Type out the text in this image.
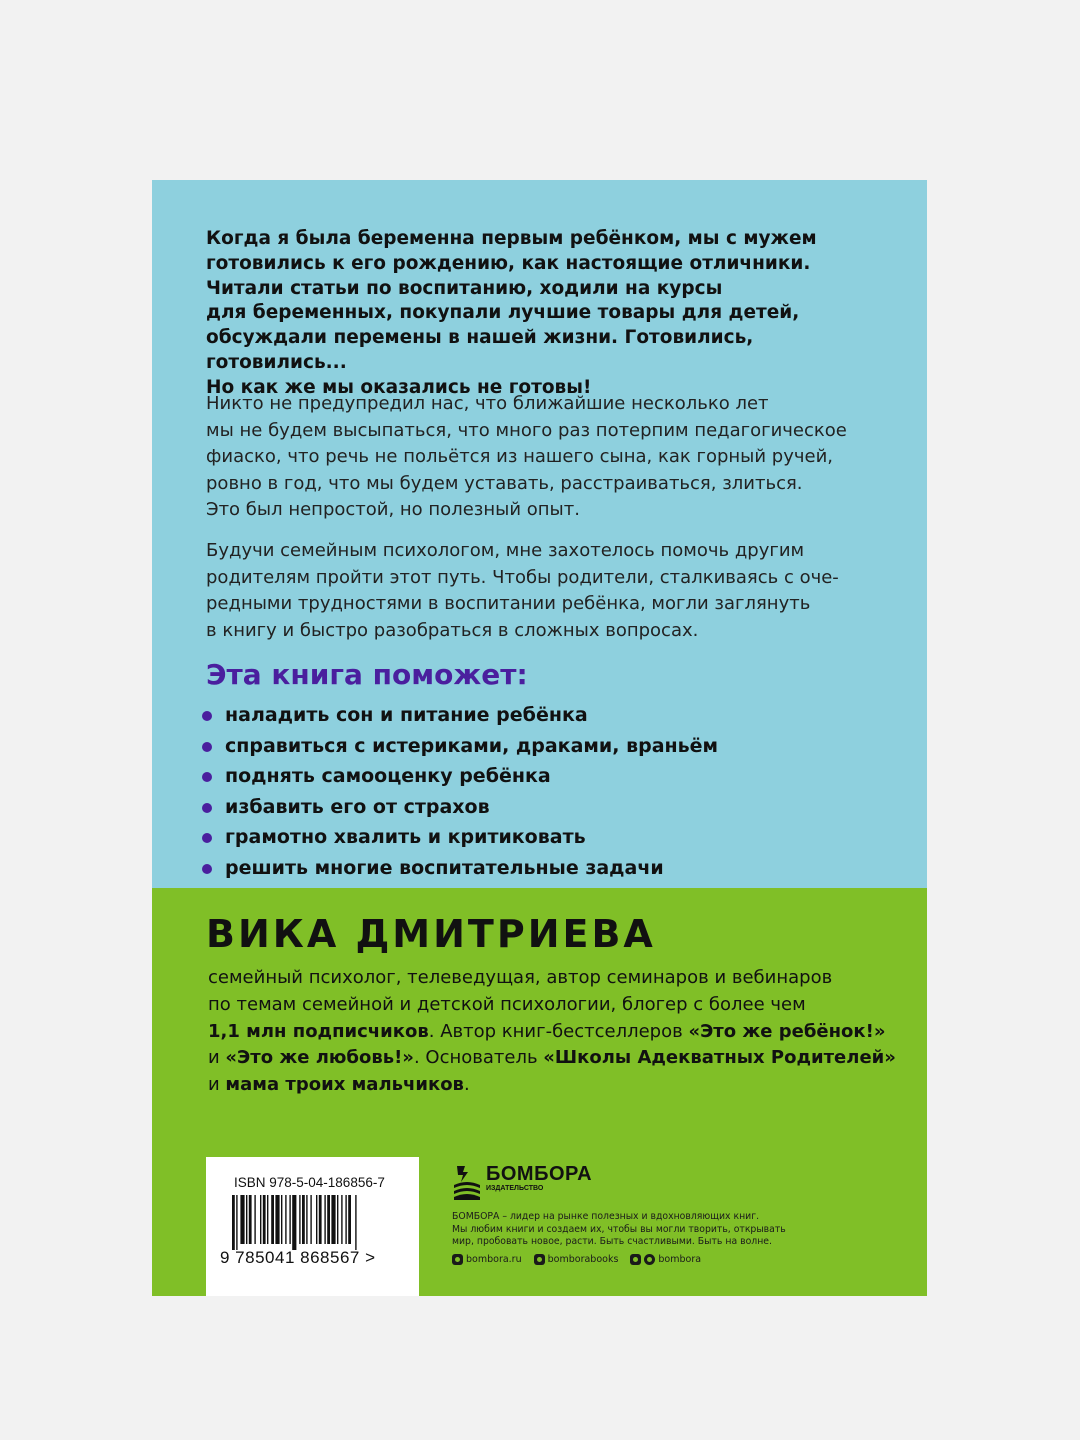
Когда я была беременна первым ребёнком, мы с мужем
готовились к его рождению, как настоящие отличники.
Читали статьи по воспитанию, ходили на курсы
для беременных, покупали лучшие товары для детей,
обсуждали перемены в нашей жизни. Готовились, готовились...
Но как же мы оказались не готовы!

Никто не предупредил нас, что ближайшие несколько лет
мы не будем высыпаться, что много раз потерпим педагогическое
фиаско, что речь не польётся из нашего сына, как горный ручей,
ровно в год, что мы будем уставать, расстраиваться, злиться.
Это был непростой, но полезный опыт.

Будучи семейным психологом, мне захотелось помочь другим
родителям пройти этот путь. Чтобы родители, сталкиваясь с оче-
редными трудностями в воспитании ребёнка, могли заглянуть
в книгу и быстро разобраться в сложных вопросах.

Эта книга поможет:
наладить сон и питание ребёнка
справиться с истериками, драками, враньём
поднять самооценку ребёнка
избавить его от страхов
грамотно хвалить и критиковать
решить многие воспитательные задачи
ВИКА ДМИТРИЕВА

семейный психолог, телеведущая, автор семинаров и вебинаров
по темам семейной и детской психологии, блогер с более чем
1,1 млн подписчиков. Автор книг-бестселлеров «Это же ребёнок!»
и «Это же любовь!». Основатель «Школы Адекватных Родителей»
и мама троих мальчиков.

ISBN 978-5-04-186856-7
9 785041 868567 >
БОМБОРА
ИЗДАТЕЛЬСТВО

БОМБОРА – лидер на рынке полезных и вдохновляющих книг.
Мы любим книги и создаем их, чтобы вы могли творить, открывать
мир, пробовать новое, расти. Быть счастливыми. Быть на волне.

bombora.ru	bomborabooks	bombora
